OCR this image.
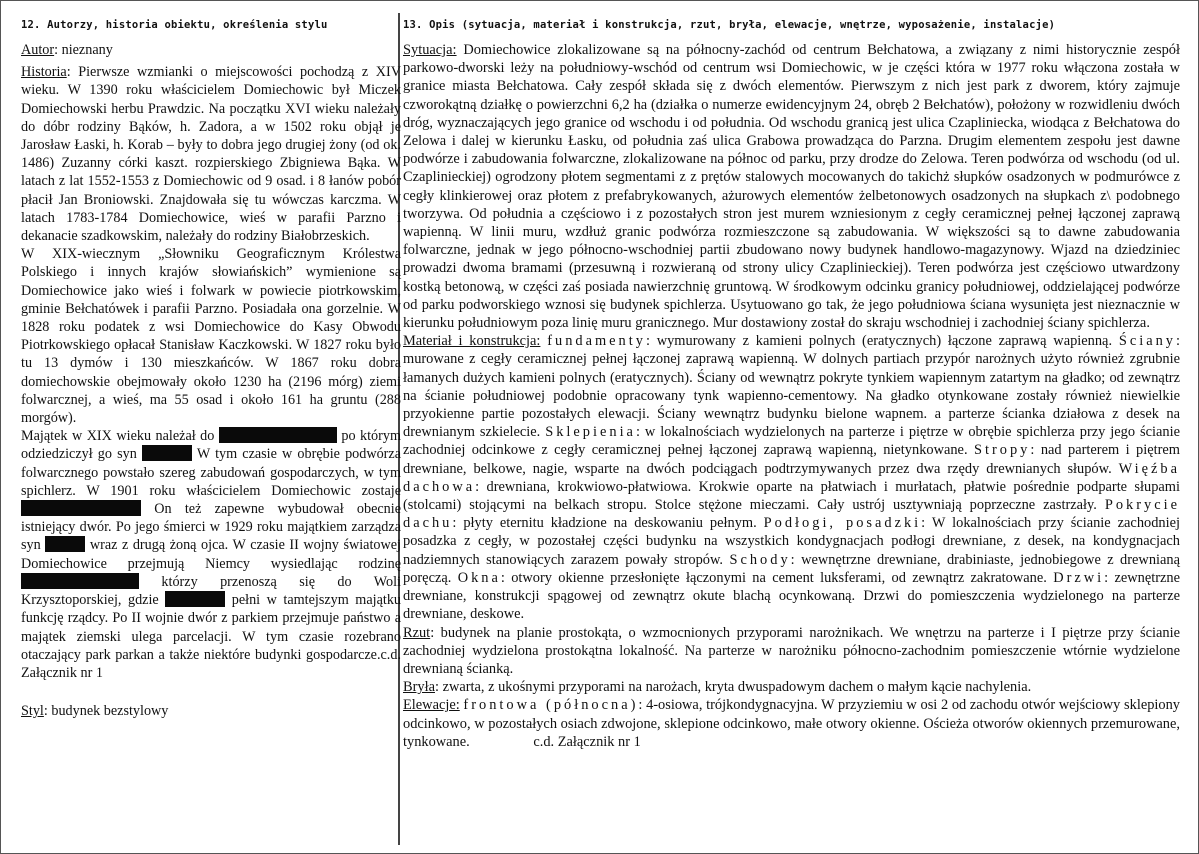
12. Autorzy, historia obiektu, określenia stylu

Autor: nieznany

Historia: Pierwsze wzmianki o miejscowości pochodzą z XIV wieku. W 1390 roku właścicielem Domiechowic był Miczek Domiechowski herbu Prawdzic. Na początku XVI wieku należały do dóbr rodziny Bąków, h. Zadora, a w 1502 roku objął je Jarosław Łaski, h. Korab – były to dobra jego drugiej żony (od ok. 1486) Zuzanny córki kaszt. rozpierskiego Zbigniewa Bąka. W latach z lat 1552-1553 z Domiechowic od 9 osad. i 8 łanów pobór płacił Jan Broniowski. Znajdowała się tu wówczas karczma. W latach 1783-1784 Domiechowice, wieś w parafii Parzno i dekanacie szadkowskim, należały do rodziny Białobrzeskich.

W XIX-wiecznym „Słowniku Geograficznym Królestwa Polskiego i innych krajów słowiańskich” wymienione są Domiechowice jako wieś i folwark w powiecie piotrkowskim, gminie Bełchatówek i parafii Parzno. Posiadała ona gorzelnie. W 1828 roku podatek z wsi Domiechowice do Kasy Obwodu Piotrkowskiego opłacał Stanisław Kaczkowski. W 1827 roku było tu 13 dymów i 130 mieszkańców. W 1867 roku dobra domiechowskie obejmowały około 1230 ha (2196 mórg) ziemi folwarcznej, a wieś, ma 55 osad i około 161 ha gruntu (288 morgów).

Majątek w XIX wieku należał do	po którym odziedziczył go syn	W tym czasie w obrębie podwórza folwarcznego powstało szereg zabudowań gospodarczych, w tym spichlerz. W 1901 roku właścicielem Domiechowic zostaje  On też zapewne wybudował obecnie istniejący dwór. Po jego śmierci w 1929 roku majątkiem zarządza syn	wraz z drugą żoną ojca. W czasie II wojny światowej Domiechowice przejmują Niemcy wysiedlając rodzinę  którzy przenoszą się do Woli Krzysztoporskiej, gdzie	pełni w tamtejszym majątku funkcję rządcy. Po II wojnie dwór z parkiem przejmuje państwo a majątek ziemski ulega parcelacji. W tym czasie rozebrano otaczający park parkan a także niektóre budynki gospodarcze.c.d. Załącznik nr 1

Styl: budynek bezstylowy

13. Opis (sytuacja, materiał i konstrukcja, rzut, bryła, elewacje, wnętrze, wyposażenie, instalacje)

Sytuacja: Domiechowice zlokalizowane są na północny-zachód od centrum Bełchatowa, a związany z nimi historycznie zespół parkowo-dworski leży na południowy-wschód od centrum wsi Domiechowic, w je części która w 1977 roku włączona została w granice miasta Bełchatowa. Cały zespół składa się z dwóch elementów. Pierwszym z nich jest park z dworem, który zajmuje czworokątną działkę o powierzchni 6,2 ha (działka o numerze ewidencyjnym 24, obręb 2 Bełchatów), położony w rozwidleniu dwóch dróg, wyznaczających jego granice od wschodu i od południa. Od wschodu granicą jest ulica Czapliniecka, wiodąca z Bełchatowa do Zelowa i dalej w kierunku Łasku, od południa zaś ulica Grabowa prowadząca do Parzna. Drugim elementem zespołu jest dawne podwórze i zabudowania folwarczne, zlokalizowane na północ od parku, przy drodze do Zelowa. Teren podwórza od wschodu (od ul. Czaplinieckiej) ogrodzony płotem segmentami z z prętów stalowych mocowanych do takichż słupków osadzonych w podmurówce z cegły klinkierowej oraz płotem z prefabrykowanych, ażurowych elementów żelbetonowych osadzonych na słupkach z\ podobnego tworzywa. Od południa a częściowo i z pozostałych stron jest murem wzniesionym z cegły ceramicznej pełnej łączonej zaprawą wapienną. W linii muru, wzdłuż granic podwórza rozmieszczone są zabudowania. W większości są to dawne zabudowania folwarczne, jednak w jego północno-wschodniej partii zbudowano nowy budynek handlowo-magazynowy. Wjazd na dziedziniec prowadzi dwoma bramami (przesuwną i rozwieraną od strony ulicy Czaplinieckiej). Teren podwórza jest częściowo utwardzony kostką betonową, w części zaś posiada nawierzchnię gruntową. W środkowym odcinku granicy południowej, oddzielającej podwórze od parku podworskiego wznosi się budynek spichlerza. Usytuowano go tak, że jego południowa ściana wysunięta jest nieznacznie w kierunku południowym poza linię muru granicznego. Mur dostawiony został do skraju wschodniej i zachodniej ściany spichlerza.

Materiał i konstrukcja: fundamenty: wymurowany z kamieni polnych (eratycznych) łączone zaprawą wapienną. Ściany: murowane z cegły ceramicznej pełnej łączonej zaprawą wapienną. W dolnych partiach przypór narożnych użyto również zgrubnie łamanych dużych kamieni polnych (eratycznych). Ściany od wewnątrz pokryte tynkiem wapiennym zatartym na gładko; od zewnątrz na ścianie południowej podobnie opracowany tynk wapienno-cementowy. Na gładko otynkowane zostały również niewielkie przyokienne partie pozostałych elewacji. Ściany wewnątrz budynku bielone wapnem. a parterze ścianka działowa z desek na drewnianym szkielecie. Sklepienia: w lokalnościach wydzielonych na parterze i piętrze w obrębie spichlerza przy jego ścianie zachodniej odcinkowe z cegły ceramicznej pełnej łączonej zaprawą wapienną, nietynkowane. Stropy: nad parterem i piętrem drewniane, belkowe, nagie, wsparte na dwóch podciągach podtrzymywanych przez dwa rzędy drewnianych słupów. Więźba dachowa: drewniana, krokwiowo-płatwiowa. Krokwie oparte na płatwiach i murłatach, płatwie pośrednie podparte słupami (stolcami) stojącymi na belkach stropu. Stolce stężone mieczami. Cały ustrój usztywniają poprzeczne zastrzały. Pokrycie dachu: płyty eternitu kładzione na deskowaniu pełnym. Podłogi, posadzki: W lokalnościach przy ścianie zachodniej posadzka z cegły, w pozostałej części budynku na wszystkich kondygnacjach podłogi drewniane, z desek, na kondygnacjach nadziemnych stanowiących zarazem powały stropów. Schody: wewnętrzne drewniane, drabiniaste, jednobiegowe z drewnianą poręczą. Okna: otwory okienne przesłonięte łączonymi na cement luksferami, od zewnątrz zakratowane. Drzwi: zewnętrzne drewniane, konstrukcji spągowej od zewnątrz okute blachą ocynkowaną. Drzwi do pomieszczenia wydzielonego na parterze drewniane, deskowe.

Rzut: budynek na planie prostokąta, o wzmocnionych przyporami narożnikach. We wnętrzu na parterze i I piętrze przy ścianie zachodniej wydzielona prostokątna lokalność. Na parterze w narożniku północno-zachodnim pomieszczenie wtórnie wydzielone drewnianą ścianką.

Bryła: zwarta, z ukośnymi przyporami na narożach, kryta dwuspadowym dachem o małym kącie nachylenia.

Elewacje: frontowa (północna): 4-osiowa, trójkondygnacyjna. W przyziemiu w osi 2 od zachodu otwór wejściowy sklepiony odcinkowo, w pozostałych osiach zdwojone, sklepione odcinkowo, małe otwory okienne. Ościeża otworów okiennych przemurowane, tynkowane.	c.d. Załącznik nr 1
